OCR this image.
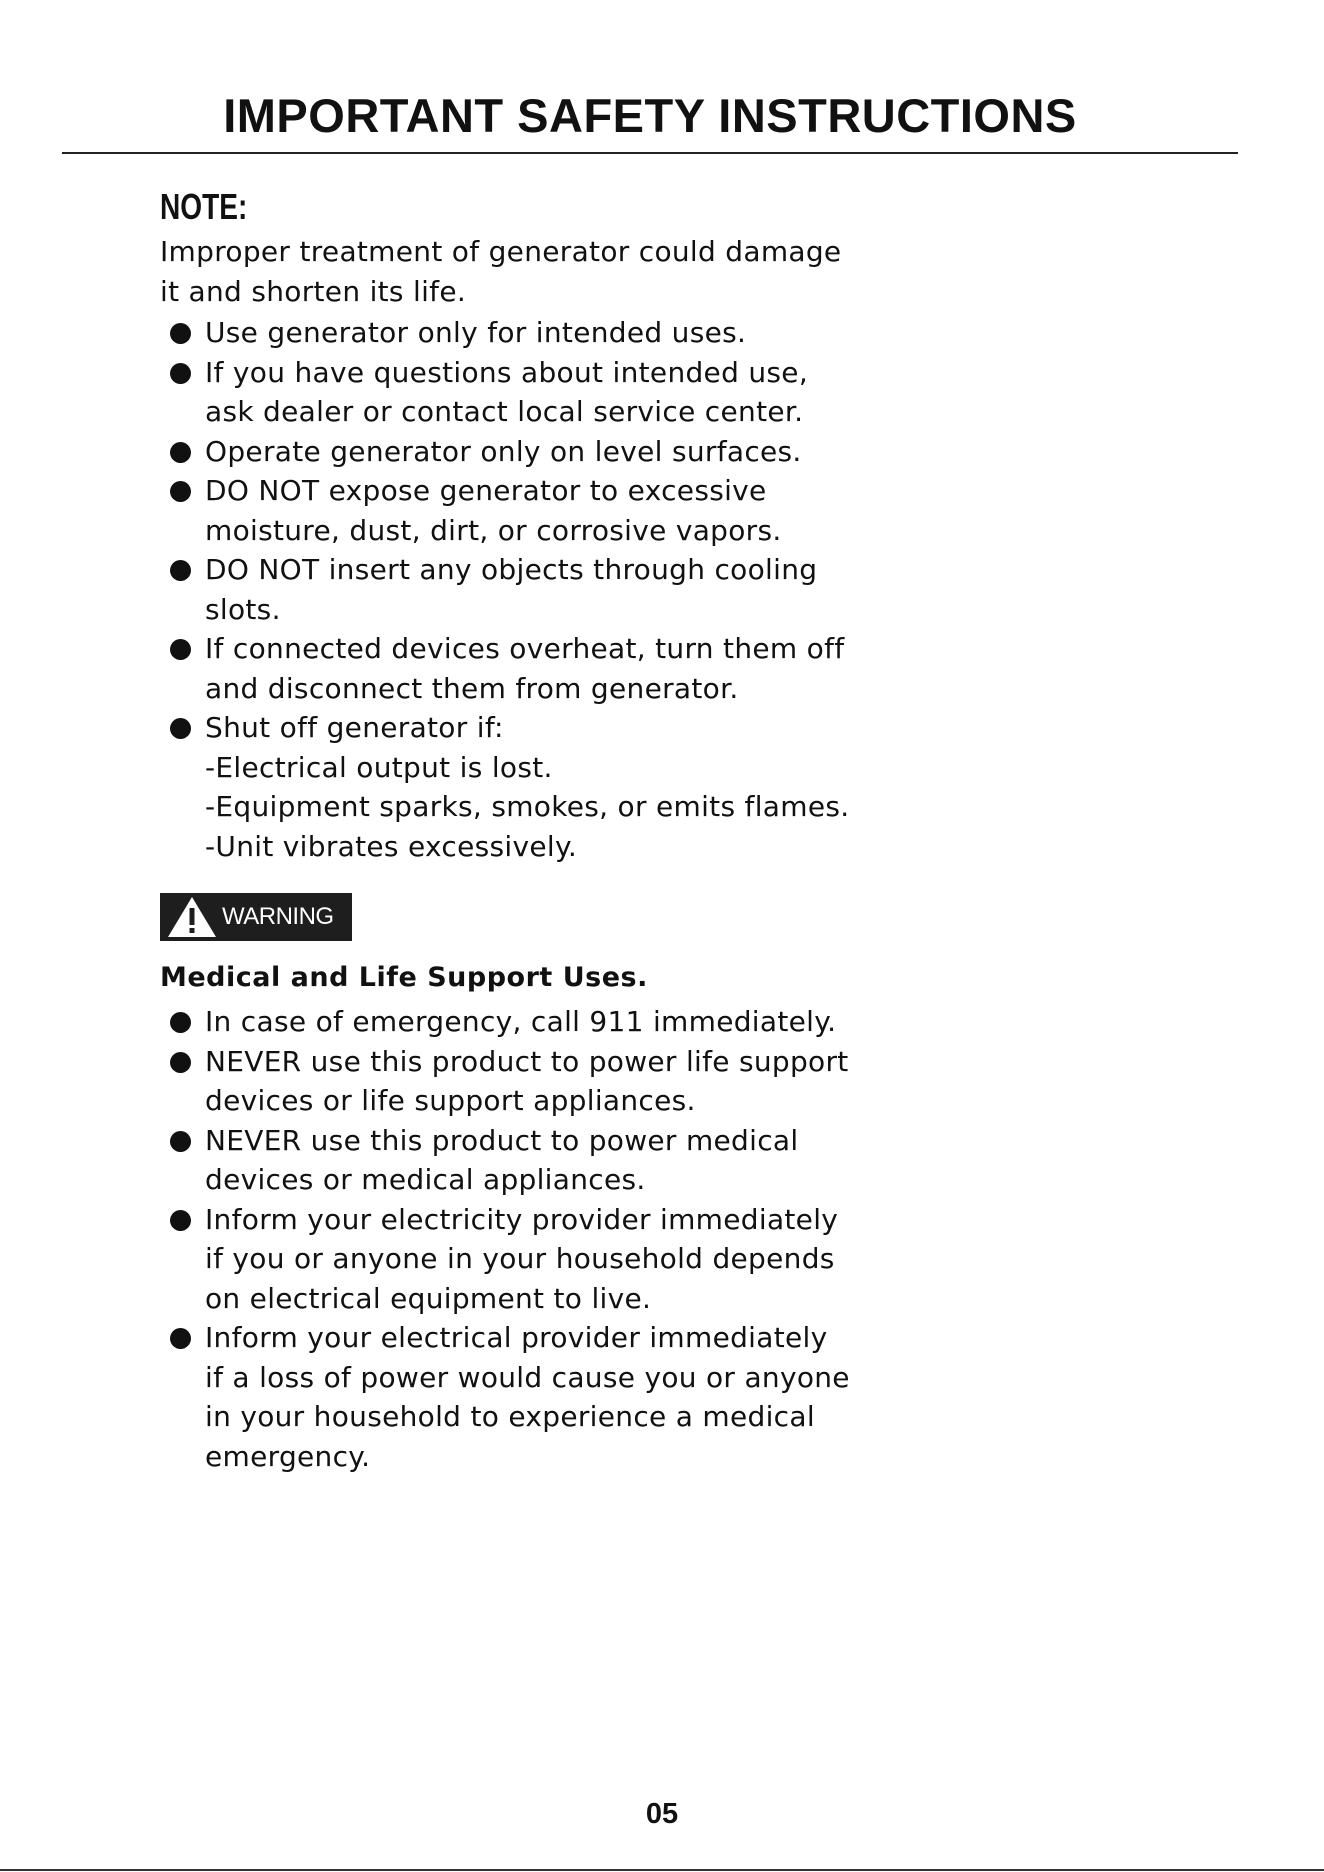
IMPORTANT SAFETY INSTRUCTIONS
NOTE:
Improper treatment of generator could damage
it and shorten its life.
Use generator only for intended uses.
If you have questions about intended use,
ask dealer or contact local service center.
Operate generator only on level surfaces.
DO NOT expose generator to excessive
moisture, dust, dirt, or corrosive vapors.
DO NOT insert any objects through cooling
slots.
If connected devices overheat, turn them off
and disconnect them from generator.
Shut off generator if:
-Electrical output is lost.
-Equipment sparks, smokes, or emits flames.
-Unit vibrates excessively.
WARNING
Medical and Life Support Uses.
In case of emergency, call 911 immediately.
NEVER use this product to power life support
devices or life support appliances.
NEVER use this product to power medical
devices or medical appliances.
Inform your electricity provider immediately
if you or anyone in your household depends
on electrical equipment to live.
Inform your electrical provider immediately
if a loss of power would cause you or anyone
in your household to experience a medical
emergency.
05
